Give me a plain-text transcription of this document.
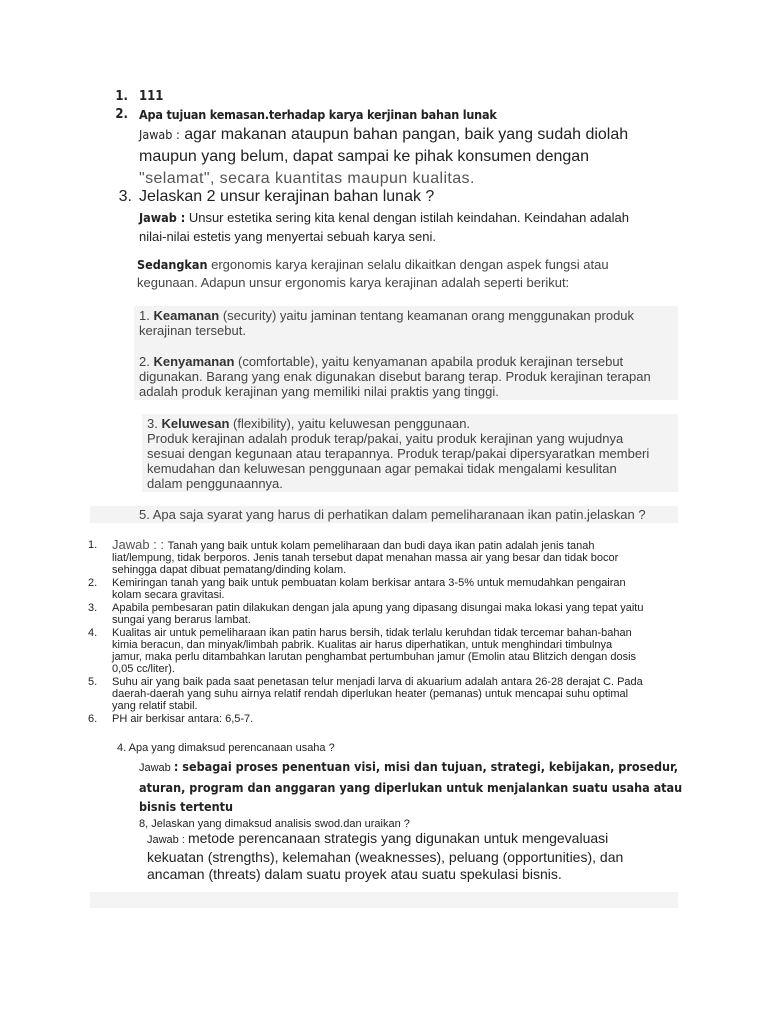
1. 111
2. Apa tujuan kemasan.terhadap karya kerjinan bahan lunak

Jawab : agar makanan ataupun bahan pangan, baik yang sudah diolah

maupun yang belum, dapat sampai ke pihak konsumen dengan

"selamat", secara kuantitas maupun kualitas.

3. Jelaskan 2 unsur kerajinan bahan lunak ?

Jawab : Unsur estetika sering kita kenal dengan istilah keindahan. Keindahan adalah

nilai-nilai estetis yang menyertai sebuah karya seni.

Sedangkan ergonomis karya kerajinan selalu dikaitkan dengan aspek fungsi atau

kegunaan. Adapun unsur ergonomis karya kerajinan adalah seperti berikut:

1. Keamanan (security) yaitu jaminan tentang keamanan orang menggunakan produk

kerajinan tersebut.

2. Kenyamanan (comfortable), yaitu kenyamanan apabila produk kerajinan tersebut

digunakan. Barang yang enak digunakan disebut barang terap. Produk kerajinan terapan

adalah produk kerajinan yang memiliki nilai praktis yang tinggi.

3. Keluwesan (flexibility), yaitu keluwesan penggunaan.

Produk kerajinan adalah produk terap/pakai, yaitu produk kerajinan yang wujudnya

sesuai dengan kegunaan atau terapannya. Produk terap/pakai dipersyaratkan memberi

kemudahan dan keluwesan penggunaan agar pemakai tidak mengalami kesulitan

dalam penggunaannya.

5. Apa saja syarat yang harus di perhatikan dalam pemeliharanaan ikan patin.jelaskan ?
1. Jawab : : Tanah yang baik untuk kolam pemeliharaan dan budi daya ikan patin adalah jenis tanah

liat/lempung, tidak berporos. Jenis tanah tersebut dapat menahan massa air yang besar dan tidak bocor

sehingga dapat dibuat pematang/dinding kolam.

2. Kemiringan tanah yang baik untuk pembuatan kolam berkisar antara 3-5% untuk memudahkan pengairan

kolam secara gravitasi.

3. Apabila pembesaran patin dilakukan dengan jala apung yang dipasang disungai maka lokasi yang tepat yaitu

sungai yang berarus lambat.

4. Kualitas air untuk pemeliharaan ikan patin harus bersih, tidak terlalu keruhdan tidak tercemar bahan-bahan

kimia beracun, dan minyak/limbah pabrik. Kualitas air harus diperhatikan, untuk menghindari timbulnya

jamur, maka perlu ditambahkan larutan penghambat pertumbuhan jamur (Emolin atau Blitzich dengan dosis

0,05 cc/liter).

5. Suhu air yang baik pada saat penetasan telur menjadi larva di akuarium adalah antara 26-28 derajat C. Pada

daerah-daerah yang suhu airnya relatif rendah diperlukan heater (pemanas) untuk mencapai suhu optimal

yang relatif stabil.

6. PH air berkisar antara: 6,5-7.

4. Apa yang dimaksud perencanaan usaha ?

Jawab : sebagai proses penentuan visi, misi dan tujuan, strategi, kebijakan, prosedur,

aturan, program dan anggaran yang diperlukan untuk menjalankan suatu usaha atau

bisnis tertentu

8, Jelaskan yang dimaksud analisis swod.dan uraikan ?

Jawab : metode perencanaan strategis yang digunakan untuk mengevaluasi

kekuatan (strengths), kelemahan (weaknesses), peluang (opportunities), dan

ancaman (threats) dalam suatu proyek atau suatu spekulasi bisnis.
